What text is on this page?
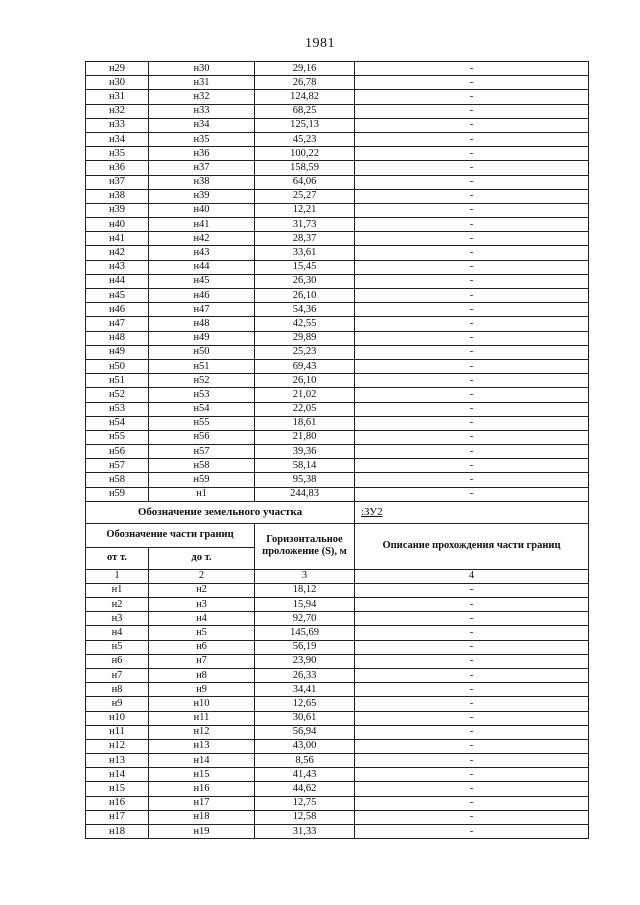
1981
н29	н30	29,16	-
н30	н31	26,78	-
н31	н32	124,82	-
н32	н33	68,25	-
н33	н34	125,13	-
н34	н35	45,23	-
н35	н36	100,22	-
н36	н37	158,59	-
н37	н38	64,06	-
н38	н39	25,27	-
н39	н40	12,21	-
н40	н41	31,73	-
н41	н42	28,37	-
н42	н43	33,61	-
н43	н44	15,45	-
н44	н45	26,30	-
н45	н46	26,10	-
н46	н47	54,36	-
н47	н48	42,55	-
н48	н49	29,89	-
н49	н50	25,23	-
н50	н51	69,43	-
н51	н52	26,10	-
н52	н53	21,02	-
н53	н54	22,05	-
н54	н55	18,61	-
н55	н56	21,80	-
н56	н57	39,36	-
н57	н58	58,14	-
н58	н59	95,38	-
н59	н1	244,83	-
Обозначение земельного участка			:ЗУ2
Обозначение части границ		Горизонтальное проложение (S), м	Описание прохождения части границ
от т.	до т.		
1	2	3	4
н1	н2	18,12	-
н2	н3	15,94	-
н3	н4	92,70	-
н4	н5	145,69	-
н5	н6	56,19	-
н6	н7	23,90	-
н7	н8	26,33	-
н8	н9	34,41	-
н9	н10	12,65	-
н10	н11	30,61	-
н11	н12	56,94	-
н12	н13	43,00	-
н13	н14	8,56	-
н14	н15	41,43	-
н15	н16	44,62	-
н16	н17	12,75	-
н17	н18	12,58	-
н18	н19	31,33	-
